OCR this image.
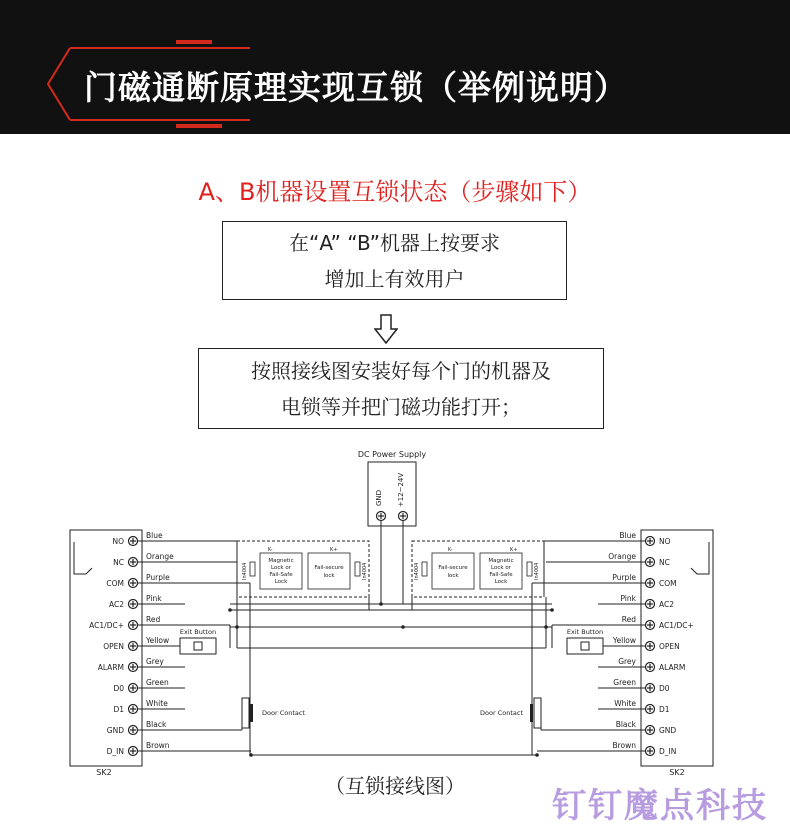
门磁通断原理实现互锁（举例说明）
A、B机器设置互锁状态（步骤如下）
在“A” “B”机器上按要求
增加上有效用户
按照接线图安装好每个门的机器及
电锁等并把门磁功能打开；
DC Power Supply
GND +12~24V
SK2
NO
NC
COM
AC2
AC1/DC+
OPEN
ALARM
D0
D1
GND
D_IN
SK2
NO
NC
COM
AC2
AC1/DC+
OPEN
ALARM
D0
D1
GND
D_IN
Magnetic
Lock or
Fail-Safe
Lock
Fail-secure
lock
In4004	In4004
K-	K+
Fail-secure
lock
Magnetic
Lock or
Fail-Safe
Lock
In4004	In4004
K-	K+
Exit Button	Exit Button
Door Contact	Door Contact
Blue	Blue
Orange	Orange
Purple	Purple
Pink	Pink
Red	Red
Yellow	Yellow
Grey	Grey
Green	Green
White	White
Black	Black
Brown	Brown
（互锁接线图）	钉钉魔点科技
